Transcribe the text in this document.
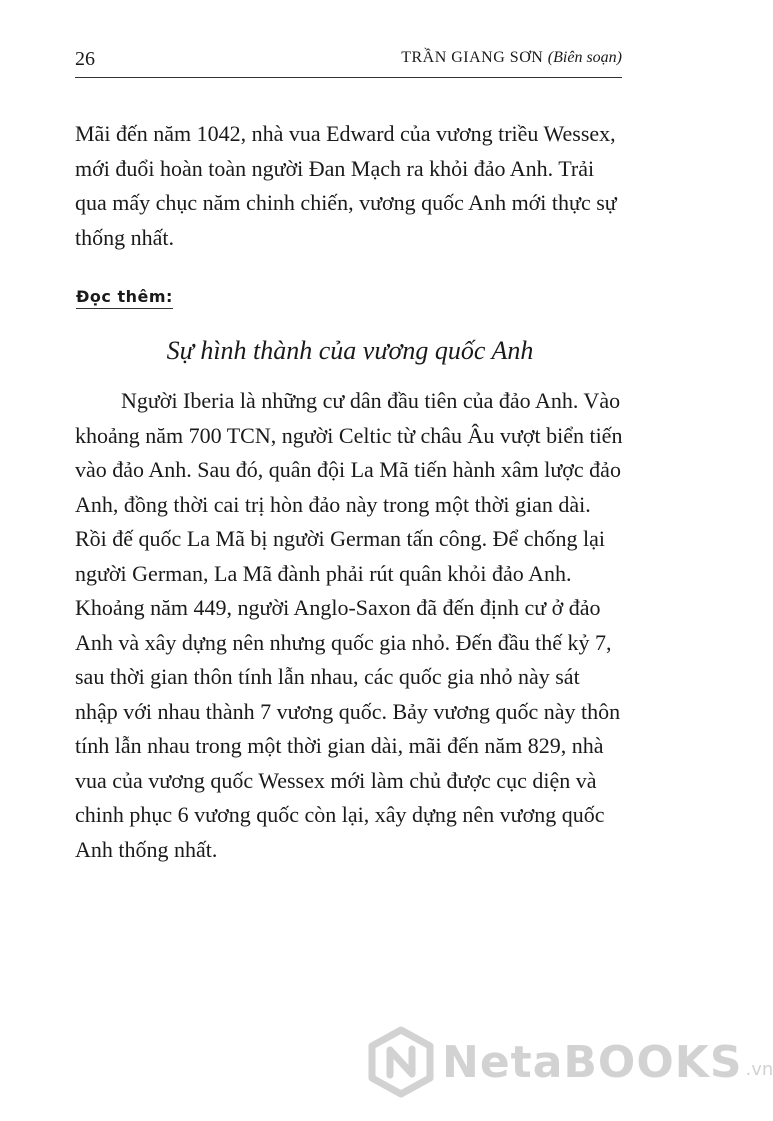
26	TRẦN GIANG SƠN (Biên soạn)

Mãi đến năm 1042, nhà vua Edward của vương triều Wessex, mới đuổi hoàn toàn người Đan Mạch ra khỏi đảo Anh. Trải qua mấy chục năm chinh chiến, vương quốc Anh mới thực sự thống nhất.

Đọc thêm:
Sự hình thành của vương quốc Anh

Người Iberia là những cư dân đầu tiên của đảo Anh. Vào khoảng năm 700 TCN, người Celtic từ châu Âu vượt biển tiến vào đảo Anh. Sau đó, quân đội La Mã tiến hành xâm lược đảo Anh, đồng thời cai trị hòn đảo này trong một thời gian dài. Rồi đế quốc La Mã bị người German tấn công. Để chống lại người German, La Mã đành phải rút quân khỏi đảo Anh. Khoảng năm 449, người Anglo-Saxon đã đến định cư ở đảo Anh và xây dựng nên nhưng quốc gia nhỏ. Đến đầu thế kỷ 7, sau thời gian thôn tính lẫn nhau, các quốc gia nhỏ này sát nhập với nhau thành 7 vương quốc. Bảy vương quốc này thôn tính lẫn nhau trong một thời gian dài, mãi đến năm 829, nhà vua của vương quốc Wessex mới làm chủ được cục diện và chinh phục 6 vương quốc còn lại, xây dựng nên vương quốc Anh thống nhất.

NetaBOOKS .vn
